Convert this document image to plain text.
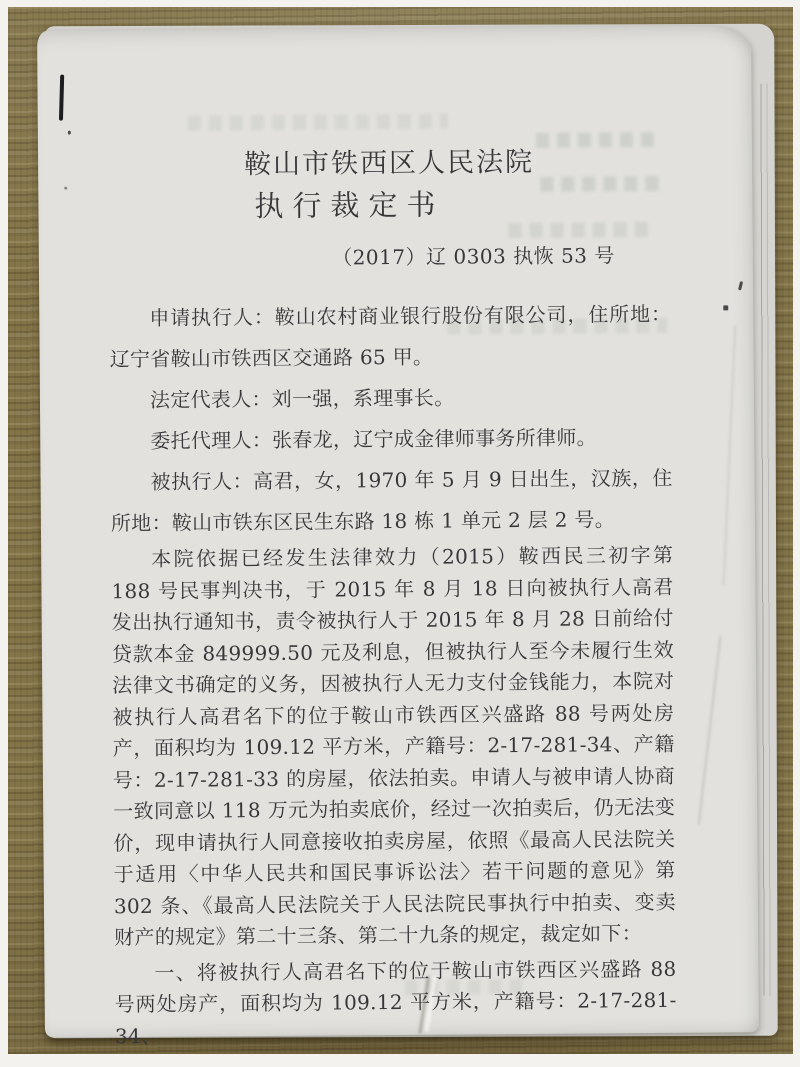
鞍山市铁西区人民法院
执行裁定书
（2017）辽 0303 执恢 53 号

申请执行人：鞍山农村商业银行股份有限公司，住所地：辽宁省鞍山市铁西区交通路 65 甲。

法定代表人：刘一强，系理事长。

委托代理人：张春龙，辽宁成金律师事务所律师。

被执行人：高君，女，1970 年 5 月 9 日出生，汉族，住所地：鞍山市铁东区民生东路 18 栋 1 单元 2 层 2 号。

本院依据已经发生法律效力（2015）鞍西民三初字第 188 号民事判决书，于 2015 年 8 月 18 日向被执行人高君发出执行通知书，责令被执行人于 2015 年 8 月 28 日前给付贷款本金 849999.50 元及利息，但被执行人至今未履行生效法律文书确定的义务，因被执行人无力支付金钱能力，本院对被执行人高君名下的位于鞍山市铁西区兴盛路 88 号两处房产，面积均为 109.12 平方米，产籍号：2-17-281-34、产籍号：2-17-281-33 的房屋，依法拍卖。申请人与被申请人协商一致同意以 118 万元为拍卖底价，经过一次拍卖后，仍无法变价，现申请执行人同意接收拍卖房屋，依照《最高人民法院关于适用〈中华人民共和国民事诉讼法〉若干问题的意见》第 302 条、《最高人民法院关于人民法院民事执行中拍卖、变卖财产的规定》第二十三条、第二十九条的规定，裁定如下：

一、将被执行人高君名下的位于鞍山市铁西区兴盛路 88 号两处房产，面积均为 109.12 平方米，产籍号：2-17-281-34、
